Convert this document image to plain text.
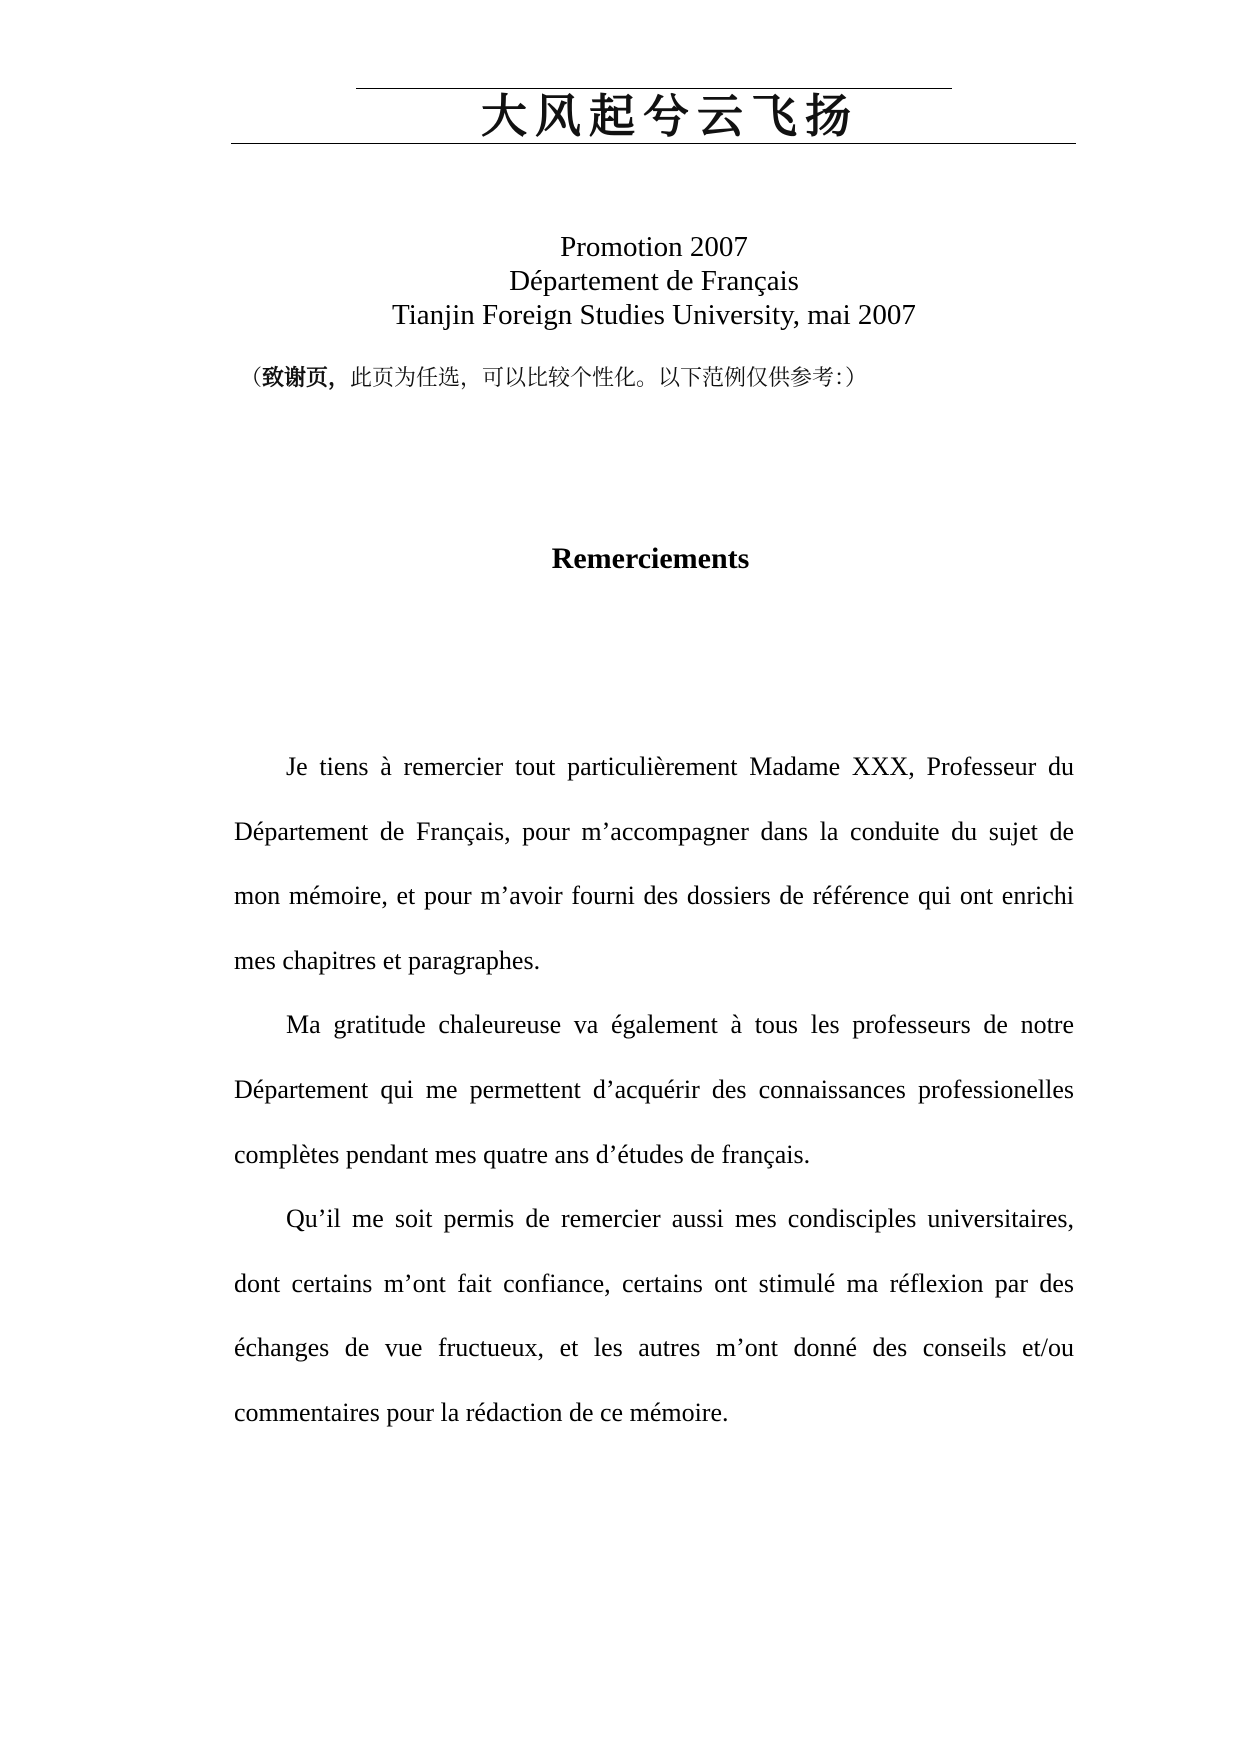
大风起兮云飞扬
Promotion 2007
Département de Français
Tianjin Foreign Studies University, mai 2007
（致谢页，此页为任选，可以比较个性化。以下范例仅供参考：）
Remerciements

Je tiens à remercier tout particulièrement Madame XXX, Professeur du Département de Français, pour m’accompagner dans la conduite du sujet de mon mémoire, et pour m’avoir fourni des dossiers de référence qui ont enrichi mes chapitres et paragraphes.

Ma gratitude chaleureuse va également à tous les professeurs de notre Département qui me permettent d’acquérir des connaissances professionelles complètes pendant mes quatre ans d’études de français.

Qu’il me soit permis de remercier aussi mes condisciples universitaires, dont certains m’ont fait confiance, certains ont stimulé ma réflexion par des échanges de vue fructueux, et les autres m’ont donné des conseils et/ou commentaires pour la rédaction de ce mémoire.
